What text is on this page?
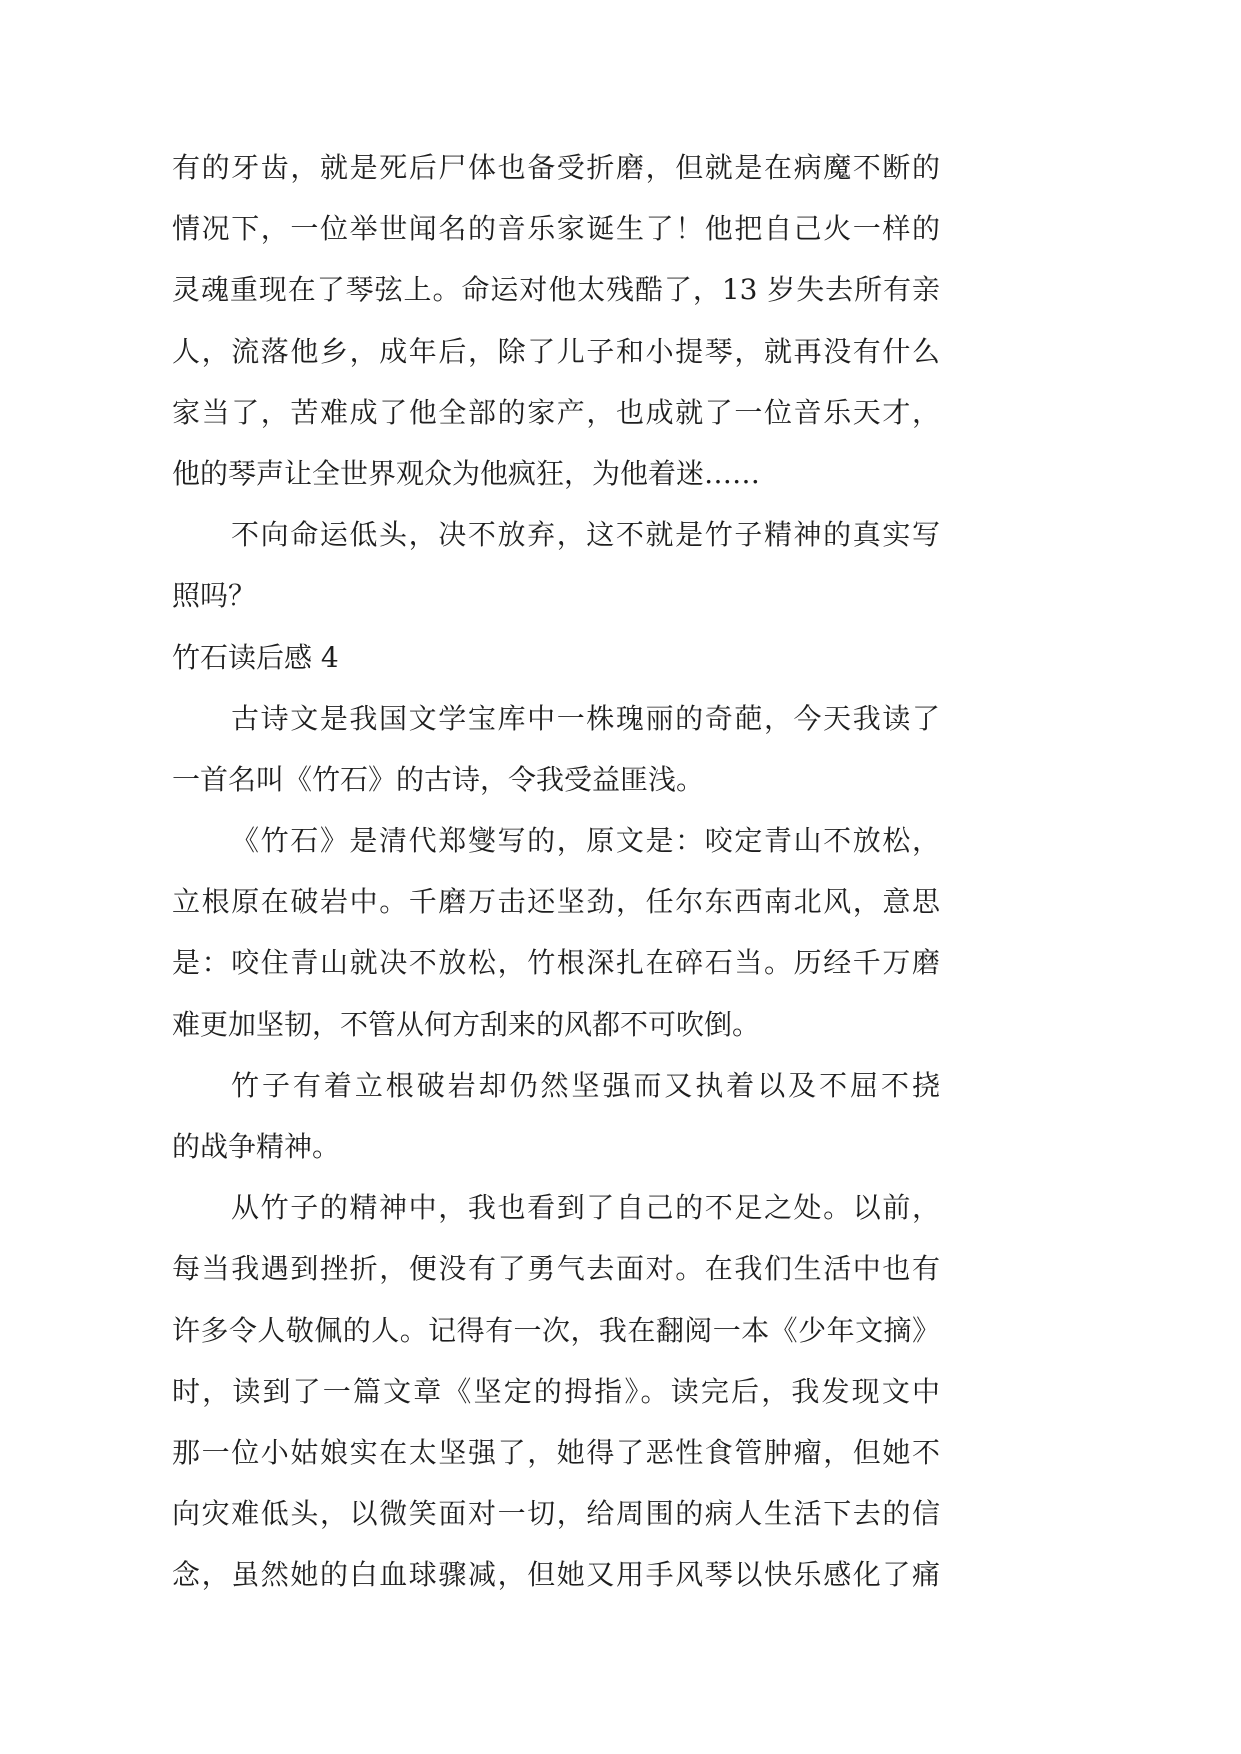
有的牙齿，就是死后尸体也备受折磨，但就是在病魔不断的
情况下，一位举世闻名的音乐家诞生了！他把自己火一样的
灵魂重现在了琴弦上。命运对他太残酷了，13 岁失去所有亲
人，流落他乡，成年后，除了儿子和小提琴，就再没有什么
家当了，苦难成了他全部的家产，也成就了一位音乐天才，
他的琴声让全世界观众为他疯狂，为他着迷……
不向命运低头，决不放弃，这不就是竹子精神的真实写
照吗？
竹石读后感 4
古诗文是我国文学宝库中一株瑰丽的奇葩，今天我读了
一首名叫《竹石》的古诗，令我受益匪浅。
《竹石》是清代郑燮写的，原文是：咬定青山不放松，
立根原在破岩中。千磨万击还坚劲，任尔东西南北风，意思
是：咬住青山就决不放松，竹根深扎在碎石当。历经千万磨
难更加坚韧，不管从何方刮来的风都不可吹倒。
竹子有着立根破岩却仍然坚强而又执着以及不屈不挠
的战争精神。
从竹子的精神中，我也看到了自己的不足之处。以前，
每当我遇到挫折，便没有了勇气去面对。在我们生活中也有
许多令人敬佩的人。记得有一次，我在翻阅一本《少年文摘》
时，读到了一篇文章《坚定的拇指》。读完后，我发现文中
那一位小姑娘实在太坚强了，她得了恶性食管肿瘤，但她不
向灾难低头，以微笑面对一切，给周围的病人生活下去的信
念，虽然她的白血球骤减，但她又用手风琴以快乐感化了痛
